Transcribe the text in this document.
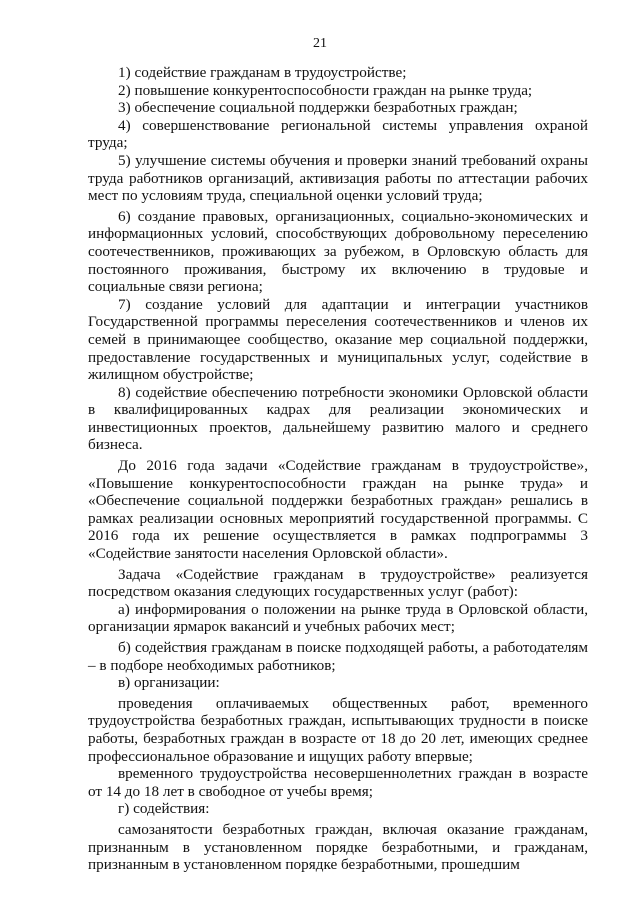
21

1) содействие гражданам в трудоустройстве;

2) повышение конкурентоспособности граждан на рынке труда;

3) обеспечение социальной поддержки безработных граждан;

4) совершенствование региональной системы управления охраной труда;

5) улучшение системы обучения и проверки знаний требований охраны труда работников организаций, активизация работы по аттестации рабочих мест по условиям труда, специальной оценки условий труда;

6) создание правовых, организационных, социально-экономических и информационных условий, способствующих добровольному переселению соотечественников, проживающих за рубежом, в Орловскую область для постоянного проживания, быстрому их включению в трудовые и социальные связи региона;

7) создание условий для адаптации и интеграции участников Государственной программы переселения соотечественников и членов их семей в принимающее сообщество, оказание мер социальной поддержки, предоставление государственных и муниципальных услуг, содействие в жилищном обустройстве;

8) содействие обеспечению потребности экономики Орловской области в квалифицированных кадрах для реализации экономических и инвестиционных проектов, дальнейшему развитию малого и среднего бизнеса.

До 2016 года задачи «Содействие гражданам в трудоустройстве», «Повышение конкурентоспособности граждан на рынке труда» и «Обеспечение социальной поддержки безработных граждан» решались в рамках реализации основных мероприятий государственной программы. С 2016 года их решение осуществляется в рамках подпрограммы 3 «Содействие занятости населения Орловской области».

Задача «Содействие гражданам в трудоустройстве» реализуется посредством оказания следующих государственных услуг (работ):

а) информирования о положении на рынке труда в Орловской области, организации ярмарок вакансий и учебных рабочих мест;

б) содействия гражданам в поиске подходящей работы, а работодателям – в подборе необходимых работников;

в) организации:

проведения оплачиваемых общественных работ, временного трудоустройства безработных граждан, испытывающих трудности в поиске работы, безработных граждан в возрасте от 18 до 20 лет, имеющих среднее профессиональное образование и ищущих работу впервые;

временного трудоустройства несовершеннолетних граждан в возрасте от 14 до 18 лет в свободное от учебы время;

г) содействия:

самозанятости безработных граждан, включая оказание гражданам, признанным в установленном порядке безработными, и гражданам, признанным в установленном порядке безработными, прошедшим
